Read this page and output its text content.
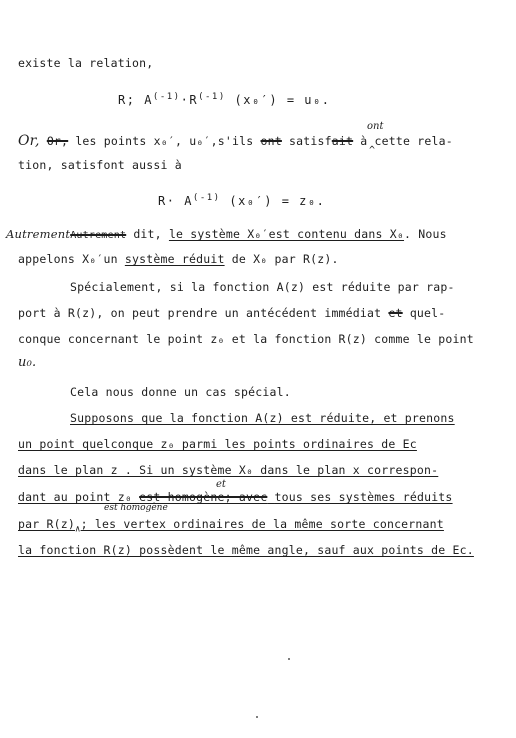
existe la relation,
R; $A^{(-1)}\cdot R^{(-1)}$ (x₀′) = u₀.
Or, Or, les points x₀′, u₀′,s'ils ont satisfait à cette rela-
ont
^
tion, satisfont aussi à
$R\cdot A^{(-1)}$ (x₀′) = z₀.
AutrementAutrement dit, le système X₀′est contenu dans X₀. Nous
appelons X₀′un système réduit de X₀ par R(z).
Spécialement, si la fonction A(z) est réduite par rap-
port à R(z), on peut prendre un antécédent immédiat et quel-
conque concernant le point z₀ et la fonction R(z) comme le point
u₀.
Cela nous donne un cas spécial.
Supposons que la fonction A(z) est réduite, et prenons
un point quelconque z₀ parmi les points ordinaires de Ec
dans le plan z . Si un système X₀ dans le plan x correspon-
et
dant au point z₀ est homogène; avec tous ses systèmes réduits
est homogène
par $R(z)_\wedge$; les vertex ordinaires de la même sorte concernant
la fonction R(z) possèdent le même angle, sauf aux points de Ec.
